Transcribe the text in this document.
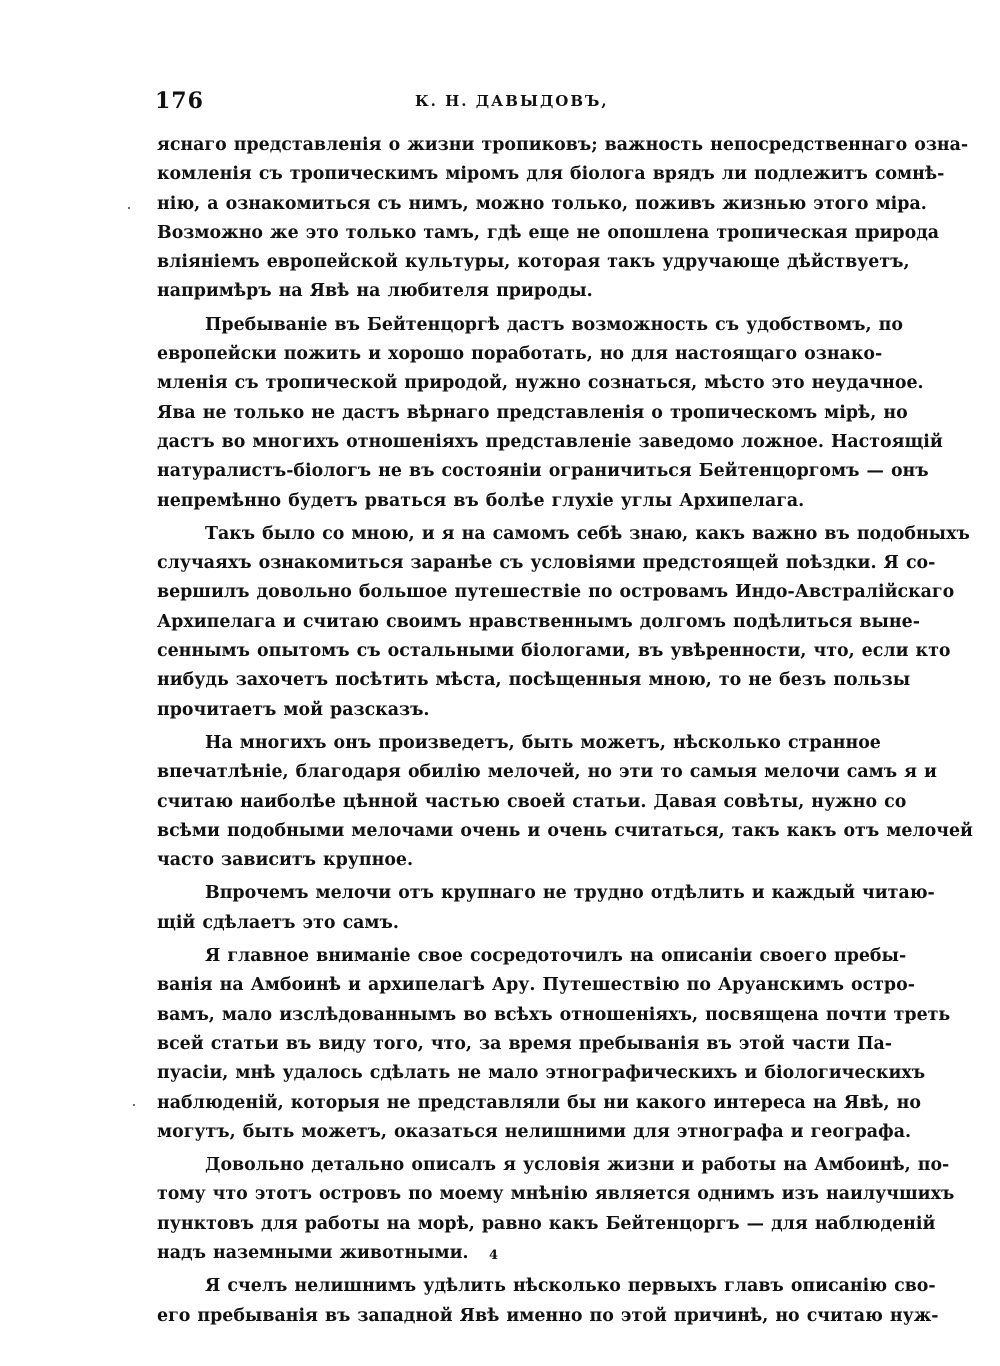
176	К. Н. ДАВЫДОВЪ,
яснаго представленія о жизни тропиковъ; важность непосредственнаго озна-
комленія съ тропическимъ міромъ для біолога врядъ ли подлежитъ сомнѣ-
нію, а ознакомиться съ нимъ, можно только, поживъ жизнью этого міра.
Возможно же это только тамъ, гдѣ еще не опошлена тропическая природа
вліяніемъ европейской культуры, которая такъ удручающе дѣйствуетъ,
напримѣръ на Явѣ на любителя природы.
Пребываніе въ Бейтенцоргѣ дастъ возможность съ удобствомъ, по
европейски пожить и хорошо поработать, но для настоящаго ознако-
мленія съ тропической природой, нужно сознаться, мѣсто это неудачное.
Ява не только не дастъ вѣрнаго представленія о тропическомъ мірѣ, но
дастъ во многихъ отношеніяхъ представленіе заведомо ложное. Настоящій
натуралистъ-біологъ не въ состояніи ограничиться Бейтенцоргомъ — онъ
непремѣнно будетъ рваться въ болѣе глухіе углы Архипелага.
Такъ было со мною, и я на самомъ себѣ знаю, какъ важно въ подобныхъ
случаяхъ ознакомиться заранѣе съ условіями предстоящей поѣздки. Я со-
вершилъ довольно большое путешествіе по островамъ Индо-Австралійскаго
Архипелага и считаю своимъ нравственнымъ долгомъ подѣлиться выне-
сеннымъ опытомъ съ остальными біологами, въ увѣренности, что, если кто
нибудь захочетъ посѣтить мѣста, посѣщенныя мною, то не безъ пользы
прочитаетъ мой разсказъ.
На многихъ онъ произведетъ, быть можетъ, нѣсколько странное
впечатлѣніе, благодаря обилію мелочей, но эти то самыя мелочи самъ я и
считаю наиболѣе цѣнной частью своей статьи. Давая совѣты, нужно со
всѣми подобными мелочами очень и очень считаться, такъ какъ отъ мелочей
часто зависитъ крупное.
Впрочемъ мелочи отъ крупнаго не трудно отдѣлить и каждый читаю-
щій сдѣлаетъ это самъ.
Я главное вниманіе свое сосредоточилъ на описаніи своего пребы-
ванія на Амбоинѣ и архипелагѣ Ару. Путешествію по Аруанскимъ остро-
вамъ, мало изслѣдованнымъ во всѣхъ отношеніяхъ, посвящена почти треть
всей статьи въ виду того, что, за время пребыванія въ этой части Па-
пуасіи, мнѣ удалось сдѣлать не мало этнографическихъ и біологическихъ
наблюденій, которыя не представляли бы ни какого интереса на Явѣ, но
могутъ, быть можетъ, оказаться нелишними для этнографа и географа.
Довольно детально описалъ я условія жизни и работы на Амбоинѣ, по-
тому что этотъ островъ по моему мнѣнію является однимъ изъ наилучшихъ
пунктовъ для работы на морѣ, равно какъ Бейтенцоргъ — для наблюденій
надъ наземными животными.
Я счелъ нелишнимъ удѣлить нѣсколько первыхъ главъ описанію сво-
его пребыванія въ западной Явѣ именно по этой причинѣ, но считаю нуж-
4
